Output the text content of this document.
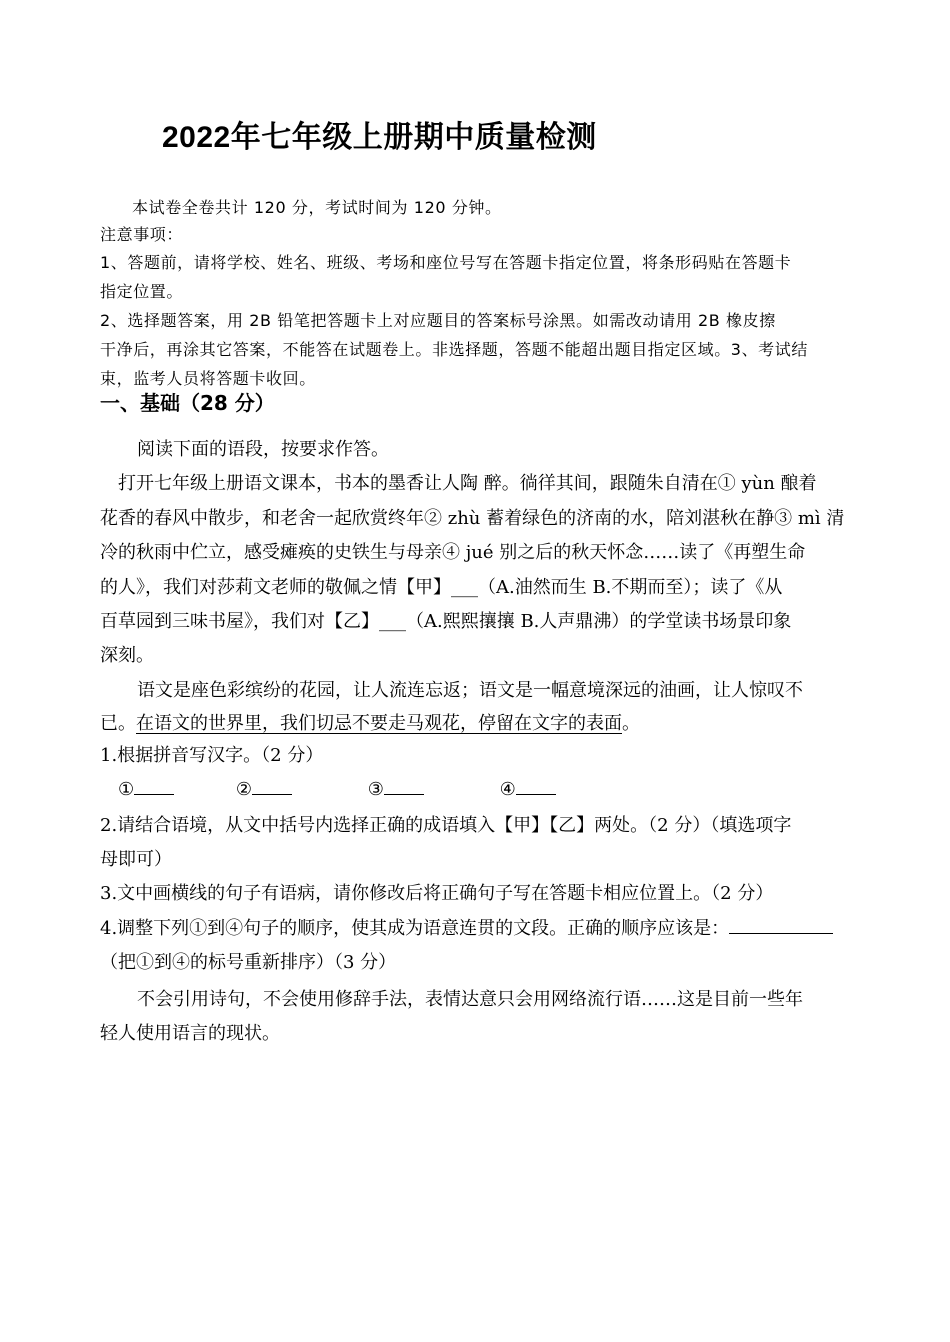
2022年七年级上册期中质量检测
本试卷全卷共计 120 分，考试时间为 120 分钟。
注意事项：
1、答题前，请将学校、姓名、班级、考场和座位号写在答题卡指定位置，将条形码贴在答题卡
指定位置。
2、选择题答案，用 2B 铅笔把答题卡上对应题目的答案标号涂黑。如需改动请用 2B 橡皮擦
干净后，再涂其它答案，不能答在试题卷上。非选择题，答题不能超出题目指定区域。3、考试结
束，监考人员将答题卡收回。
一、基础（28 分）
阅读下面的语段，按要求作答。
打开七年级上册语文课本，书本的墨香让人陶 醉。徜徉其间，跟随朱自清在① yùn 酿着
花香的春风中散步，和老舍一起欣赏终年② zhù 蓄着绿色的济南的水，陪刘湛秋在静③ mì 清
冷的秋雨中伫立，感受瘫痪的史铁生与母亲④ jué 别之后的秋天怀念……读了《再塑生命
的人》，我们对莎莉文老师的敬佩之情【甲】___（A.油然而生 B.不期而至）；读了《从
百草园到三味书屋》，我们对【乙】___（A.熙熙攘攘 B.人声鼎沸）的学堂读书场景印象
深刻。
语文是座色彩缤纷的花园，让人流连忘返；语文是一幅意境深远的油画，让人惊叹不
已。在语文的世界里，我们切忌不要走马观花，停留在文字的表面。
1.根据拼音写汉字。（2 分）
①	②	③	④
2.请结合语境，从文中括号内选择正确的成语填入【甲】【乙】两处。（2 分）（填选项字
母即可）
3.文中画横线的句子有语病，请你修改后将正确句子写在答题卡相应位置上。（2 分）
4.调整下列①到④句子的顺序，使其成为语意连贯的文段。正确的顺序应该是：
（把①到④的标号重新排序）（3 分）
不会引用诗句，不会使用修辞手法，表情达意只会用网络流行语……这是目前一些年
轻人使用语言的现状。
